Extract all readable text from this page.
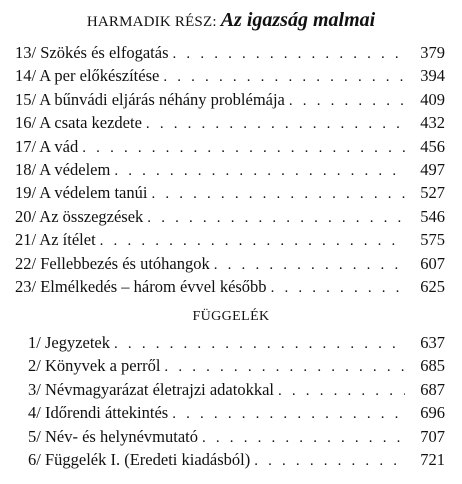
HARMADIK RÉSZ: Az igazság malmai
13/ Szökés és elfogatás . . .	379
14/ A per előkészítése . . .	394
15/ A bűnvádi eljárás néhány problémája . . .	409
16/ A csata kezdete . . .	432
17/ A vád . . .	456
18/ A védelem . . .	497
19/ A védelem tanúi . . .	527
20/ Az összegzések . . .	546
21/ Az ítélet . . .	575
22/ Fellebbezés és utóhangok . . .	607
23/ Elmélkedés – három évvel később . . .	625
FÜGGELÉK
1/ Jegyzetek . . .	637
2/ Könyvek a perről . . .	685
3/ Névmagyarázat életrajzi adatokkal . . .	687
4/ Időrendi áttekintés . . .	696
5/ Név- és helynévmutató . . .	707
6/ Függelék I. (Eredeti kiadásból) . . .	721
